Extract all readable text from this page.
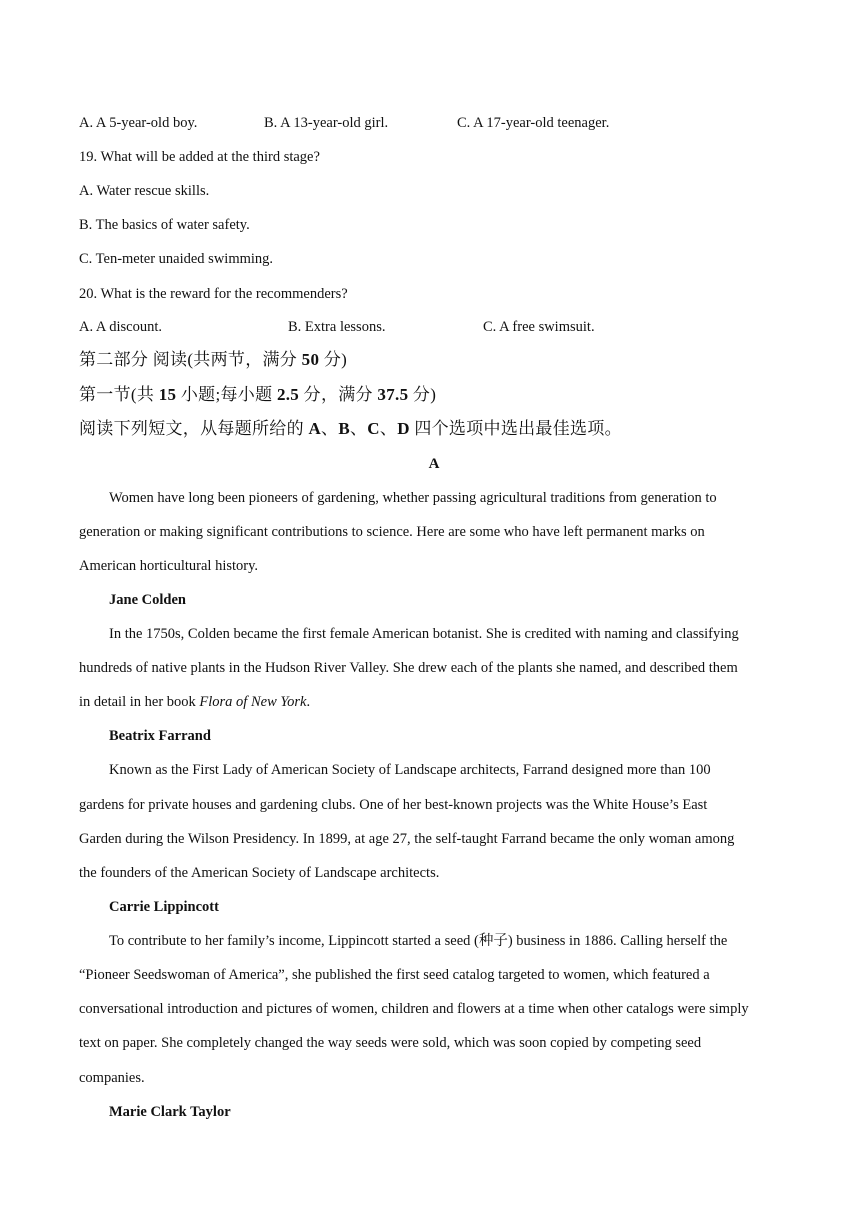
A. A 5-year-old boy.	B. A 13-year-old girl.	C. A 17-year-old teenager.
19. What will be added at the third stage?
A. Water rescue skills.
B. The basics of water safety.
C. Ten-meter unaided swimming.
20. What is the reward for the recommenders?
A. A discount.	B. Extra lessons.	C. A free swimsuit.
第二部分 阅读(共两节，满分 50 分)
第一节(共 15 小题;每小题 2.5 分，满分 37.5 分)
阅读下列短文，从每题所给的 A、B、C、D 四个选项中选出最佳选项。
A
Women have long been pioneers of gardening, whether passing agricultural traditions from generation to
generation or making significant contributions to science. Here are some who have left permanent marks on
American horticultural history.
Jane Colden
In the 1750s, Colden became the first female American botanist. She is credited with naming and classifying
hundreds of native plants in the Hudson River Valley. She drew each of the plants she named, and described them
in detail in her book Flora of New York.
Beatrix Farrand
Known as the First Lady of American Society of Landscape architects, Farrand designed more than 100
gardens for private houses and gardening clubs. One of her best-known projects was the White House’s East
Garden during the Wilson Presidency. In 1899, at age 27, the self-taught Farrand became the only woman among
the founders of the American Society of Landscape architects.
Carrie Lippincott
To contribute to her family’s income, Lippincott started a seed (种子) business in 1886. Calling herself the
“Pioneer Seedswoman of America”, she published the first seed catalog targeted to women, which featured a
conversational introduction and pictures of women, children and flowers at a time when other catalogs were simply
text on paper. She completely changed the way seeds were sold, which was soon copied by competing seed
companies.
Marie Clark Taylor
